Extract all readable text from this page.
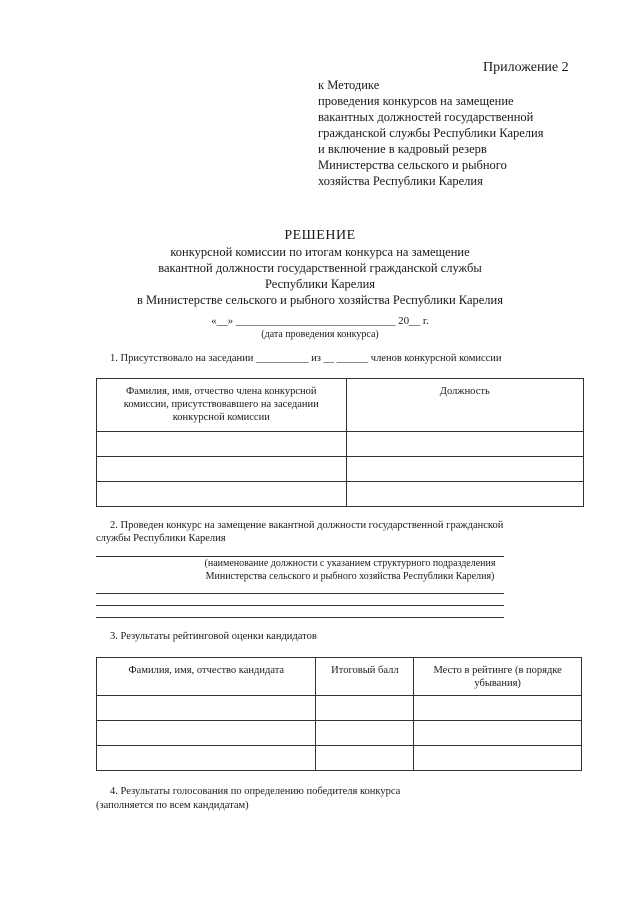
Приложение 2
к Методике
проведения конкурсов на замещение
вакантных должностей государственной
гражданской службы Республики Карелия
и включение в кадровый резерв
Министерства сельского и рыбного
хозяйства Республики Карелия
РЕШЕНИЕ
конкурсной комиссии по итогам конкурса на замещение
вакантной должности государственной гражданской службы
Республики Карелия
в Министерстве сельского и рыбного хозяйства Республики Карелия
«__» _____________________________ 20__ г.
(дата проведения конкурса)
1. Присутствовало на заседании __________ из __ ______ членов конкурсной комиссии
Фамилия, имя, отчество члена конкурсной комиссии, присутствовавшего на заседании конкурсной комиссии	Должность

2. Проведен конкурс на замещение вакантной должности государственной гражданской
службы Республики Карелия
(наименование должности с указанием структурного подразделения
Министерства сельского и рыбного хозяйства Республики Карелия)
3. Результаты рейтинговой оценки кандидатов
Фамилия, имя, отчество кандидата	Итоговый балл	Место в рейтинге (в порядке убывания)

4. Результаты голосования по определению победителя конкурса
(заполняется по всем кандидатам)
